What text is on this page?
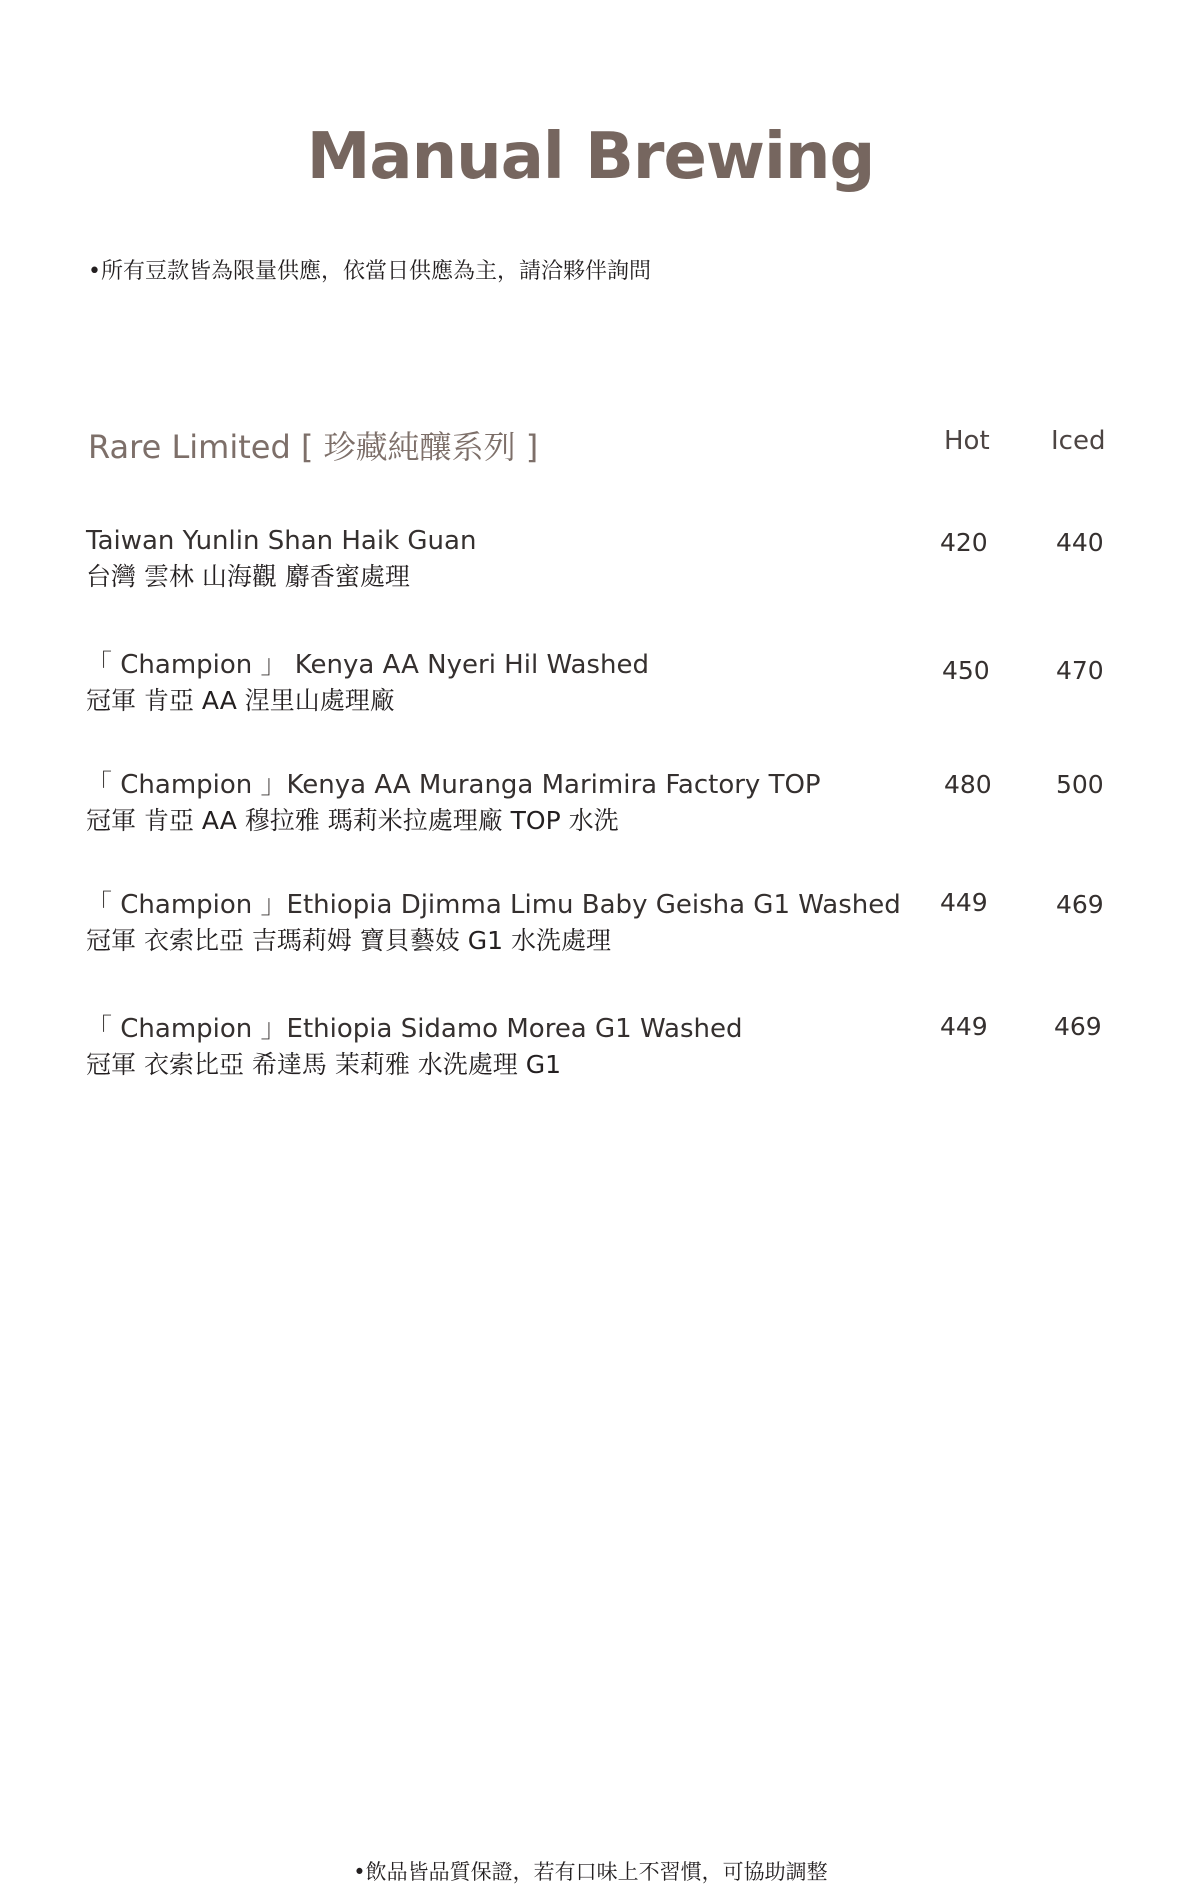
Manual Brewing
•所有豆款皆為限量供應，依當日供應為主，請洽夥伴詢問
Rare Limited [ 珍藏純釀系列 ]	Hot Iced
Taiwan Yunlin Shan Haik Guan
台灣 雲林 山海觀 麝香蜜處理
420	440
「 Champion 」 Kenya AA Nyeri Hil Washed
冠軍 肯亞 AA 涅里山處理廠
450	470
「 Champion 」Kenya AA Muranga Marimira Factory TOP
冠軍 肯亞 AA 穆拉雅 瑪莉米拉處理廠 TOP 水洗
480	500
「 Champion 」Ethiopia Djimma Limu Baby Geisha G1 Washed
冠軍 衣索比亞 吉瑪莉姆 寶貝藝妓 G1 水洗處理
449	469
「 Champion 」Ethiopia Sidamo Morea G1 Washed
冠軍 衣索比亞 希達馬 茉莉雅 水洗處理 G1
449	469
•飲品皆品質保證，若有口味上不習慣，可協助調整
